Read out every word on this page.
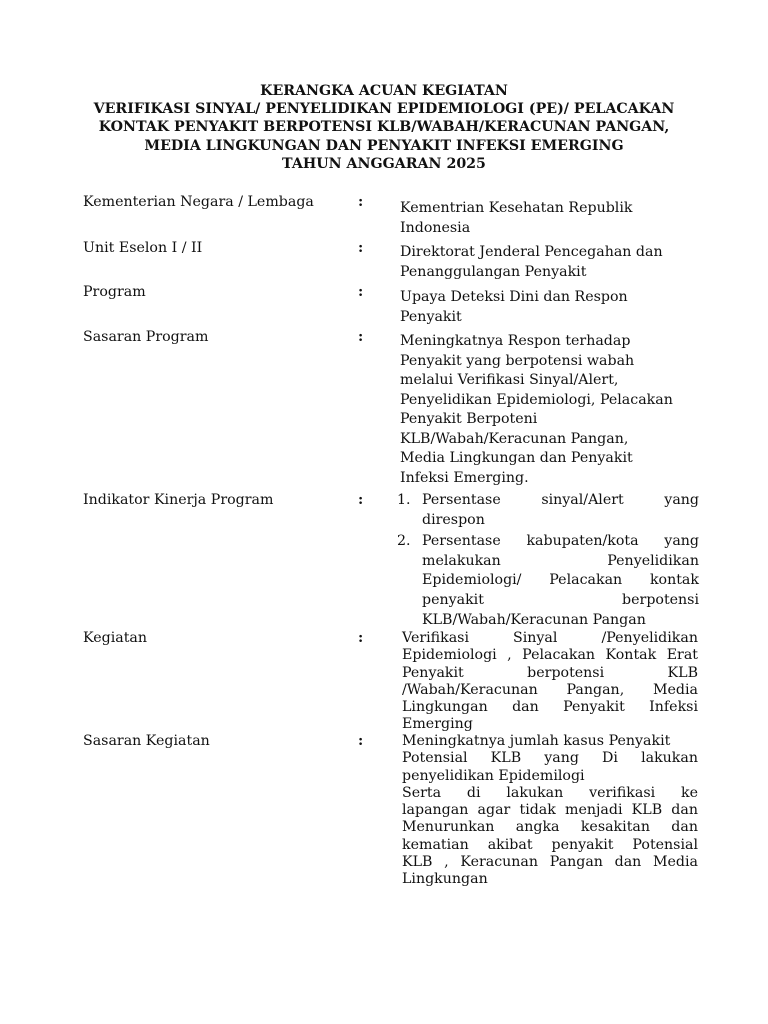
KERANGKA ACUAN KEGIATAN
VERIFIKASI SINYAL/ PENYELIDIKAN EPIDEMIOLOGI (PE)/ PELACAKAN
KONTAK PENYAKIT BERPOTENSI KLB/WABAH/KERACUNAN PANGAN,
MEDIA LINGKUNGAN DAN PENYAKIT INFEKSI EMERGING
TAHUN ANGGARAN 2025
Kementerian Negara / Lembaga	:	Kementrian Kesehatan Republik
Indonesia
Unit Eselon I / II	:	Direktorat Jenderal Pencegahan dan
Penanggulangan Penyakit
Program	:	Upaya Deteksi Dini dan Respon
Penyakit
Sasaran Program	:	Meningkatnya Respon terhadap
Penyakit yang berpotensi wabah
melalui Verifikasi Sinyal/Alert,
Penyelidikan Epidemiologi, Pelacakan
Penyakit Berpoteni
KLB/Wabah/Keracunan Pangan,
Media Lingkungan dan Penyakit
Infeksi Emerging.
Indikator Kinerja Program	: 1. Persentase sinyal/Alert yang
direspon
2. Persentase kabupaten/kota yang
melakukan Penyelidikan
Epidemiologi/ Pelacakan kontak
penyakit berpotensi
KLB/Wabah/Keracunan Pangan
Kegiatan	:	Verifikasi Sinyal /Penyelidikan
Epidemiologi , Pelacakan Kontak Erat
Penyakit berpotensi KLB
/Wabah/Keracunan Pangan, Media
Lingkungan dan Penyakit Infeksi
Emerging
Sasaran Kegiatan	:	Meningkatnya jumlah kasus Penyakit
Potensial KLB yang Di lakukan
penyelidikan Epidemilogi
Serta di lakukan verifikasi ke
lapangan agar tidak menjadi KLB dan
Menurunkan angka kesakitan dan
kematian akibat penyakit Potensial
KLB , Keracunan Pangan dan Media
Lingkungan
